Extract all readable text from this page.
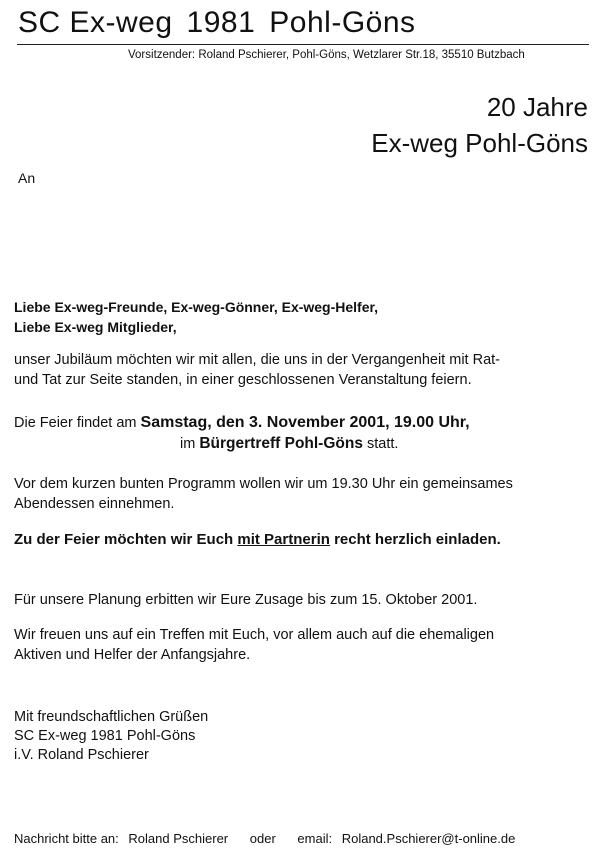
SC Ex-weg 1981 Pohl-Göns
Vorsitzender: Roland Pschierer, Pohl-Göns, Wetzlarer Str.18, 35510 Butzbach
20 Jahre
Ex-weg Pohl-Göns
An
Liebe Ex-weg-Freunde, Ex-weg-Gönner, Ex-weg-Helfer,
Liebe Ex-weg Mitglieder,
unser Jubiläum möchten wir mit allen, die uns in der Vergangenheit mit Rat-
und Tat zur Seite standen, in einer geschlossenen Veranstaltung feiern.
Die Feier findet am Samstag, den 3. November 2001, 19.00 Uhr,
im Bürgertreff Pohl-Göns statt.
Vor dem kurzen bunten Programm wollen wir um 19.30 Uhr ein gemeinsames
Abendessen einnehmen.
Zu der Feier möchten wir Euch mit Partnerin recht herzlich einladen.
Für unsere Planung erbitten wir Eure Zusage bis zum 15. Oktober 2001.
Wir freuen uns auf ein Treffen mit Euch, vor allem auch auf die ehemaligen
Aktiven und Helfer der Anfangsjahre.
Mit freundschaftlichen Grüßen
SC Ex-weg 1981 Pohl-Göns
i.V. Roland Pschierer
Nachricht bitte an: Roland Pschierer oder email: Roland.Pschierer@t-online.de
